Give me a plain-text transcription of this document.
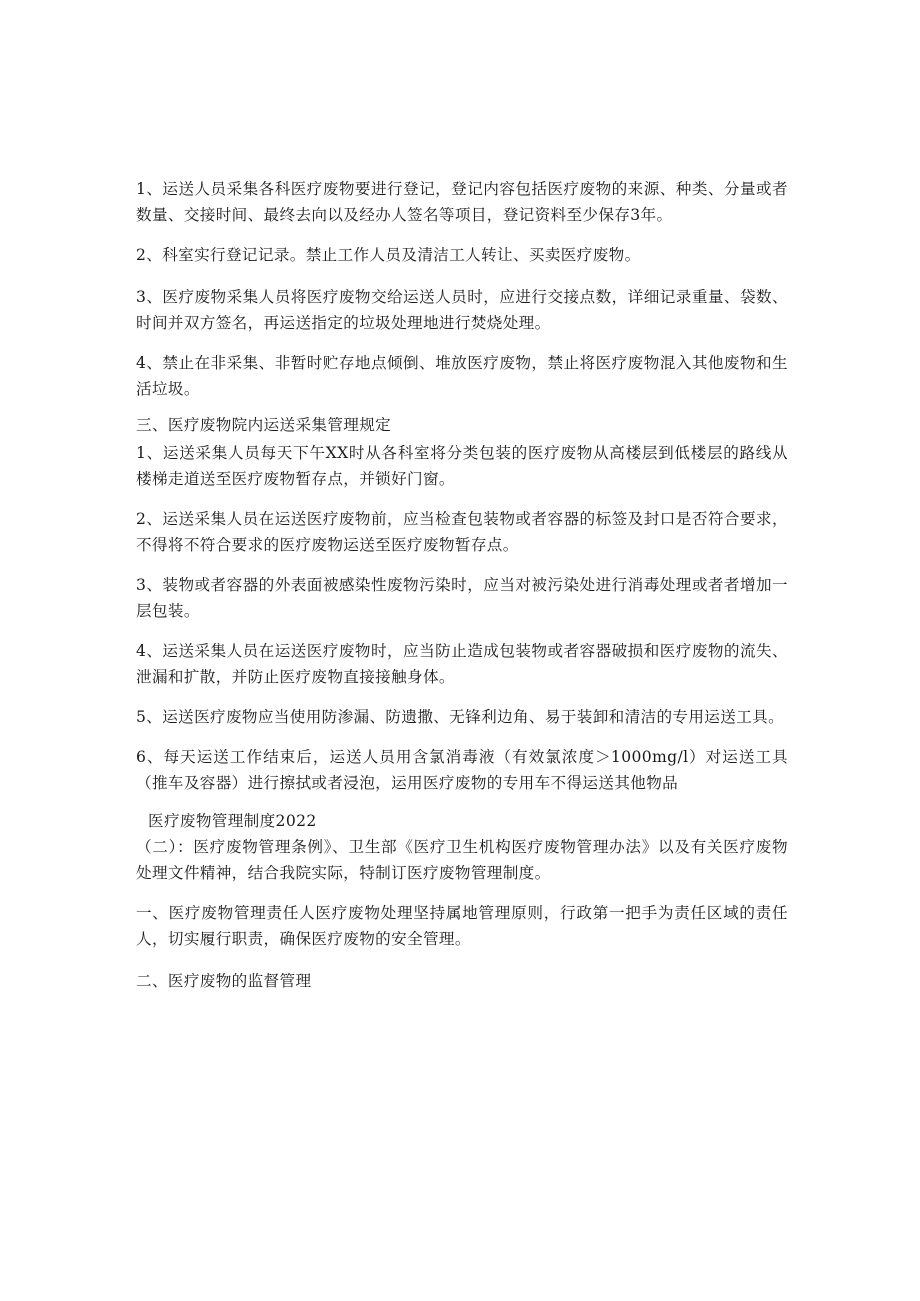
1、运送人员采集各科医疗废物要进行登记，登记内容包括医疗废物的来源、种类、分量或者数量、交接时间、最终去向以及经办人签名等项目，登记资料至少保存3年。

2、科室实行登记记录。禁止工作人员及清洁工人转让、买卖医疗废物。

3、医疗废物采集人员将医疗废物交给运送人员时，应进行交接点数，详细记录重量、袋数、时间并双方签名，再运送指定的垃圾处理地进行焚烧处理。

4、禁止在非采集、非暂时贮存地点倾倒、堆放医疗废物，禁止将医疗废物混入其他废物和生活垃圾。

三、医疗废物院内运送采集管理规定

1、运送采集人员每天下午XX时从各科室将分类包装的医疗废物从高楼层到低楼层的路线从楼梯走道送至医疗废物暂存点，并锁好门窗。

2、运送采集人员在运送医疗废物前，应当检查包装物或者容器的标签及封口是否符合要求，不得将不符合要求的医疗废物运送至医疗废物暂存点。

3、装物或者容器的外表面被感染性废物污染时，应当对被污染处进行消毒处理或者者增加一层包装。

4、运送采集人员在运送医疗废物时，应当防止造成包装物或者容器破损和医疗废物的流失、泄漏和扩散，并防止医疗废物直接接触身体。

5、运送医疗废物应当使用防渗漏、防遗撒、无锋利边角、易于装卸和清洁的专用运送工具。

6、每天运送工作结束后，运送人员用含氯消毒液（有效氯浓度＞1000mg∕l）对运送工具（推车及容器）进行擦拭或者浸泡，运用医疗废物的专用车不得运送其他物品

医疗废物管理制度2022

（二）：医疗废物管理条例》、卫生部《医疗卫生机构医疗废物管理办法》以及有关医疗废物处理文件精神，结合我院实际，特制订医疗废物管理制度。

一、医疗废物管理责任人医疗废物处理坚持属地管理原则，行政第一把手为责任区域的责任人，切实履行职责，确保医疗废物的安全管理。

二、医疗废物的监督管理
